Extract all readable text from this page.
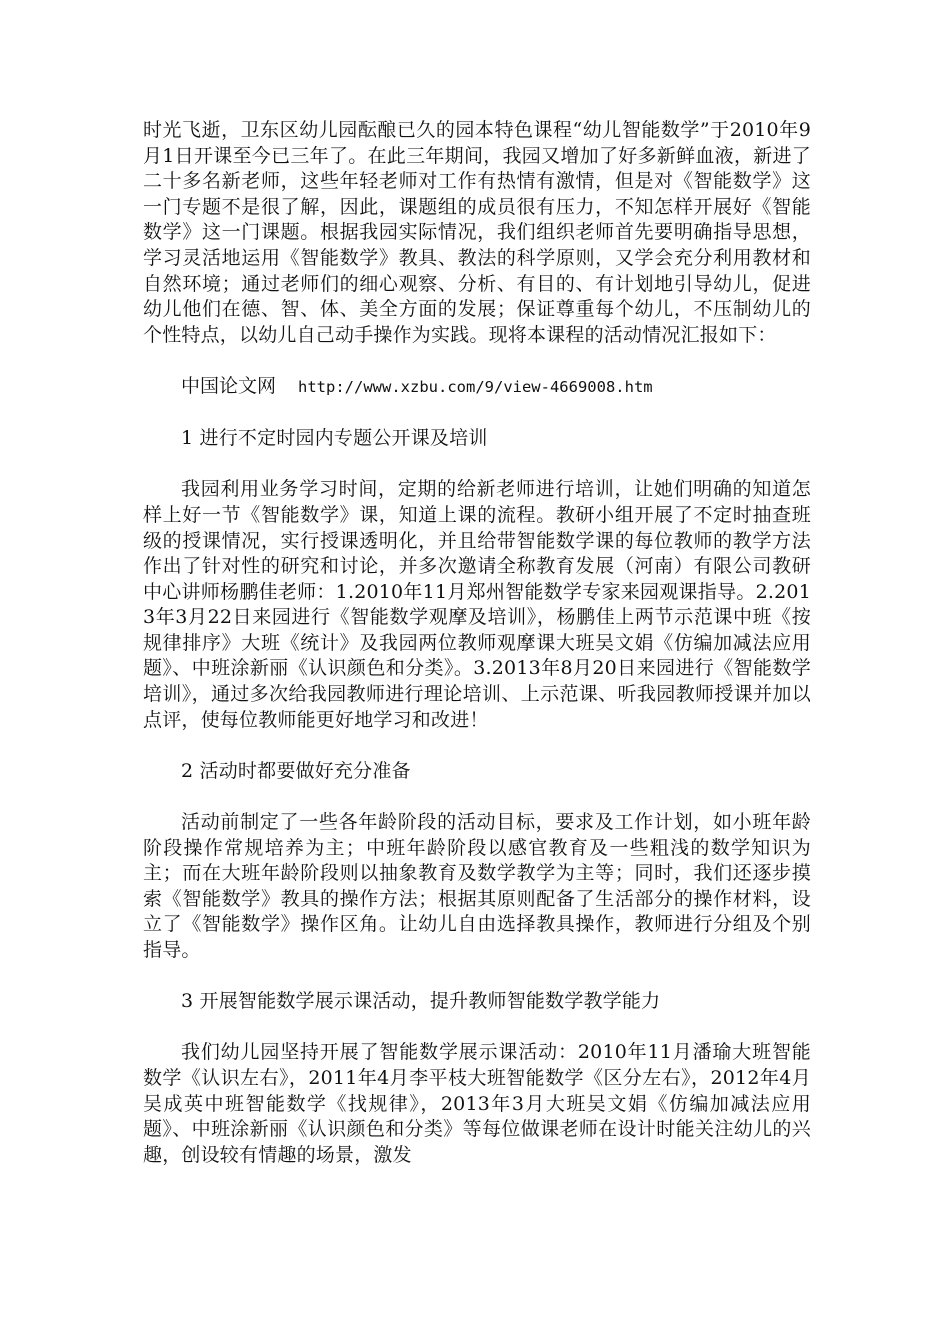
时光飞逝，卫东区幼儿园酝酿已久的园本特色课程“幼儿智能数学”于2010年9月1日开课至今已三年了。在此三年期间，我园又增加了好多新鲜血液，新进了二十多名新老师，这些年轻老师对工作有热情有激情，但是对《智能数学》这一门专题不是很了解，因此，课题组的成员很有压力，不知怎样开展好《智能数学》这一门课题。根据我园实际情况，我们组织老师首先要明确指导思想，学习灵活地运用《智能数学》教具、教法的科学原则，又学会充分利用教材和自然环境；通过老师们的细心观察、分析、有目的、有计划地引导幼儿，促进幼儿他们在德、智、体、美全方面的发展；保证尊重每个幼儿，不压制幼儿的个性特点，以幼儿自己动手操作为实践。现将本课程的活动情况汇报如下：

中国论文网 http://www.xzbu.com/9/view-4669008.htm

1 进行不定时园内专题公开课及培训

我园利用业务学习时间，定期的给新老师进行培训，让她们明确的知道怎样上好一节《智能数学》课，知道上课的流程。教研小组开展了不定时抽查班级的授课情况，实行授课透明化，并且给带智能数学课的每位教师的教学方法作出了针对性的研究和讨论，并多次邀请全称教育发展（河南）有限公司教研中心讲师杨鹏佳老师：1.2010年11月郑州智能数学专家来园观课指导。2.2013年3月22日来园进行《智能数学观摩及培训》，杨鹏佳上两节示范课中班《按规律排序》大班《统计》及我园两位教师观摩课大班吴文娟《仿编加减法应用题》、中班涂新丽《认识颜色和分类》。3.2013年8月20日来园进行《智能数学培训》，通过多次给我园教师进行理论培训、上示范课、听我园教师授课并加以点评，使每位教师能更好地学习和改进！

2 活动时都要做好充分准备

活动前制定了一些各年龄阶段的活动目标，要求及工作计划，如小班年龄阶段操作常规培养为主；中班年龄阶段以感官教育及一些粗浅的数学知识为主；而在大班年龄阶段则以抽象教育及数学教学为主等；同时，我们还逐步摸索《智能数学》教具的操作方法；根据其原则配备了生活部分的操作材料，设立了《智能数学》操作区角。让幼儿自由选择教具操作，教师进行分组及个别指导。

3 开展智能数学展示课活动，提升教师智能数学教学能力

我们幼儿园坚持开展了智能数学展示课活动：2010年11月潘瑜大班智能数学《认识左右》，2011年4月李平枝大班智能数学《区分左右》，2012年4月吴成英中班智能数学《找规律》，2013年3月大班吴文娟《仿编加减法应用题》、中班涂新丽《认识颜色和分类》等每位做课老师在设计时能关注幼儿的兴趣，创设较有情趣的场景，激发
